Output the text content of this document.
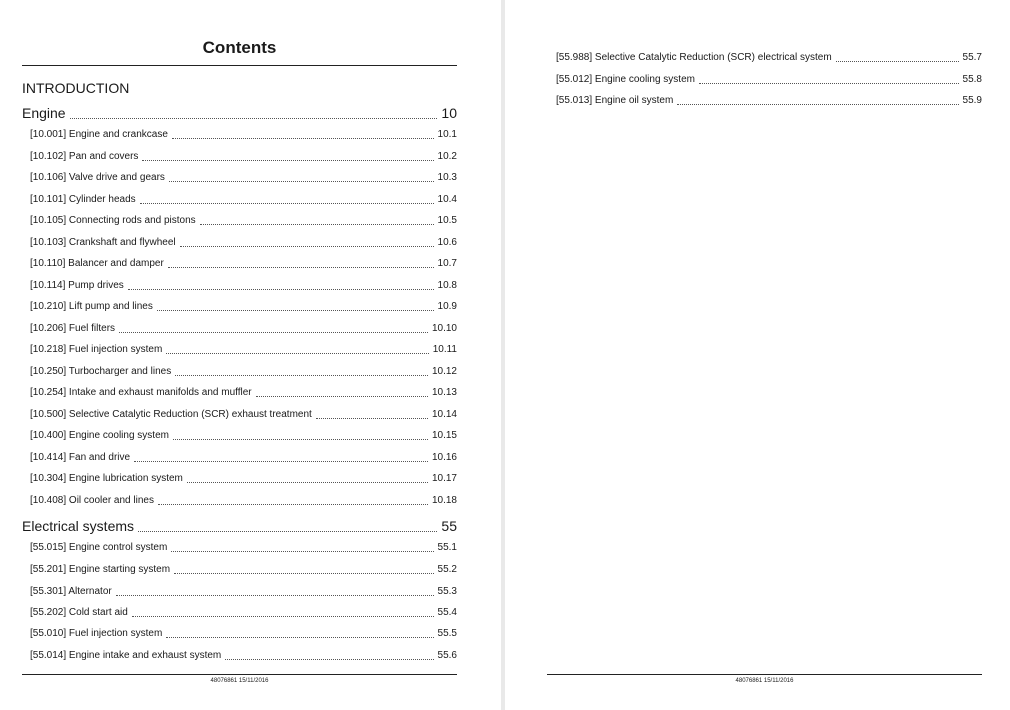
Contents
INTRODUCTION
Engine	10
[10.001] Engine and crankcase	10.1
[10.102] Pan and covers	10.2
[10.106] Valve drive and gears	10.3
[10.101] Cylinder heads	10.4
[10.105] Connecting rods and pistons	10.5
[10.103] Crankshaft and flywheel	10.6
[10.110] Balancer and damper	10.7
[10.114] Pump drives	10.8
[10.210] Lift pump and lines	10.9
[10.206] Fuel filters	10.10
[10.218] Fuel injection system	10.11
[10.250] Turbocharger and lines	10.12
[10.254] Intake and exhaust manifolds and muffler	10.13
[10.500] Selective Catalytic Reduction (SCR) exhaust treatment	10.14
[10.400] Engine cooling system	10.15
[10.414] Fan and drive	10.16
[10.304] Engine lubrication system	10.17
[10.408] Oil cooler and lines	10.18
Electrical systems	55
[55.015] Engine control system	55.1
[55.201] Engine starting system	55.2
[55.301] Alternator	55.3
[55.202] Cold start aid	55.4
[55.010] Fuel injection system	55.5
[55.014] Engine intake and exhaust system	55.6
48076861 15/11/2016
[55.988] Selective Catalytic Reduction (SCR) electrical system	55.7
[55.012] Engine cooling system	55.8
[55.013] Engine oil system	55.9
48076861 15/11/2016
